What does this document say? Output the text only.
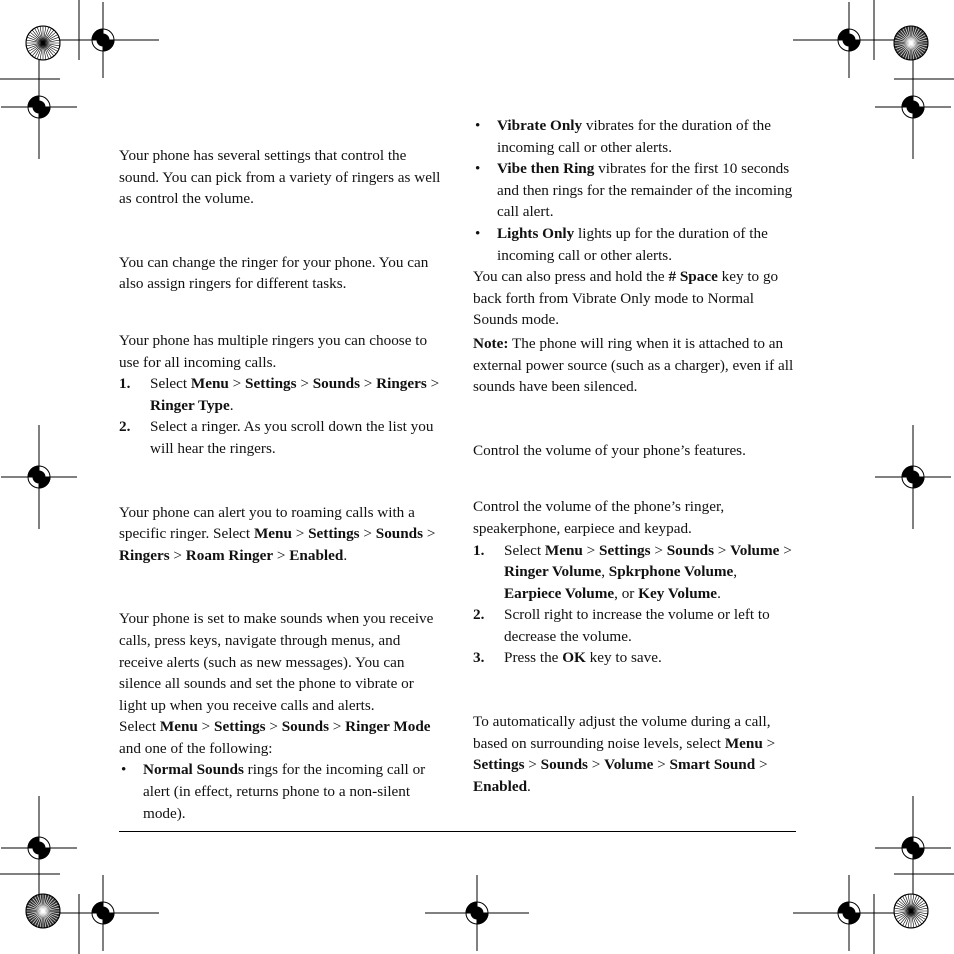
Your phone has several settings that control the sound. You can pick from a variety of ringers as well as control the volume.

You can change the ringer for your phone. You can also assign ringers for different tasks.

Your phone has multiple ringers you can choose to use for all incoming calls.

1. Select Menu > Settings > Sounds > Ringers > Ringer Type.
2. Select a ringer. As you scroll down the list you will hear the ringers.

Your phone can alert you to roaming calls with a specific ringer. Select Menu > Settings > Sounds > Ringers > Roam Ringer > Enabled.

Your phone is set to make sounds when you receive calls, press keys, navigate through menus, and receive alerts (such as new messages). You can silence all sounds and set the phone to vibrate or light up when you receive calls and alerts.

Select Menu > Settings > Sounds > Ringer Mode and one of the following:

• Normal Sounds rings for the incoming call or alert (in effect, returns phone to a non-silent mode).
• Vibrate Only vibrates for the duration of the incoming call or other alerts.
• Vibe then Ring vibrates for the first 10 seconds and then rings for the remainder of the incoming call alert.
• Lights Only lights up for the duration of the incoming call or other alerts.

You can also press and hold the # Space key to go back forth from Vibrate Only mode to Normal Sounds mode.

Note: The phone will ring when it is attached to an external power source (such as a charger), even if all sounds have been silenced.

Control the volume of your phone’s features.

Control the volume of the phone’s ringer, speakerphone, earpiece and keypad.

1. Select Menu > Settings > Sounds > Volume > Ringer Volume, Spkrphone Volume, Earpiece Volume, or Key Volume.
2. Scroll right to increase the volume or left to decrease the volume.
3. Press the OK key to save.

To automatically adjust the volume during a call, based on surrounding noise levels, select Menu > Settings > Sounds > Volume > Smart Sound > Enabled.
